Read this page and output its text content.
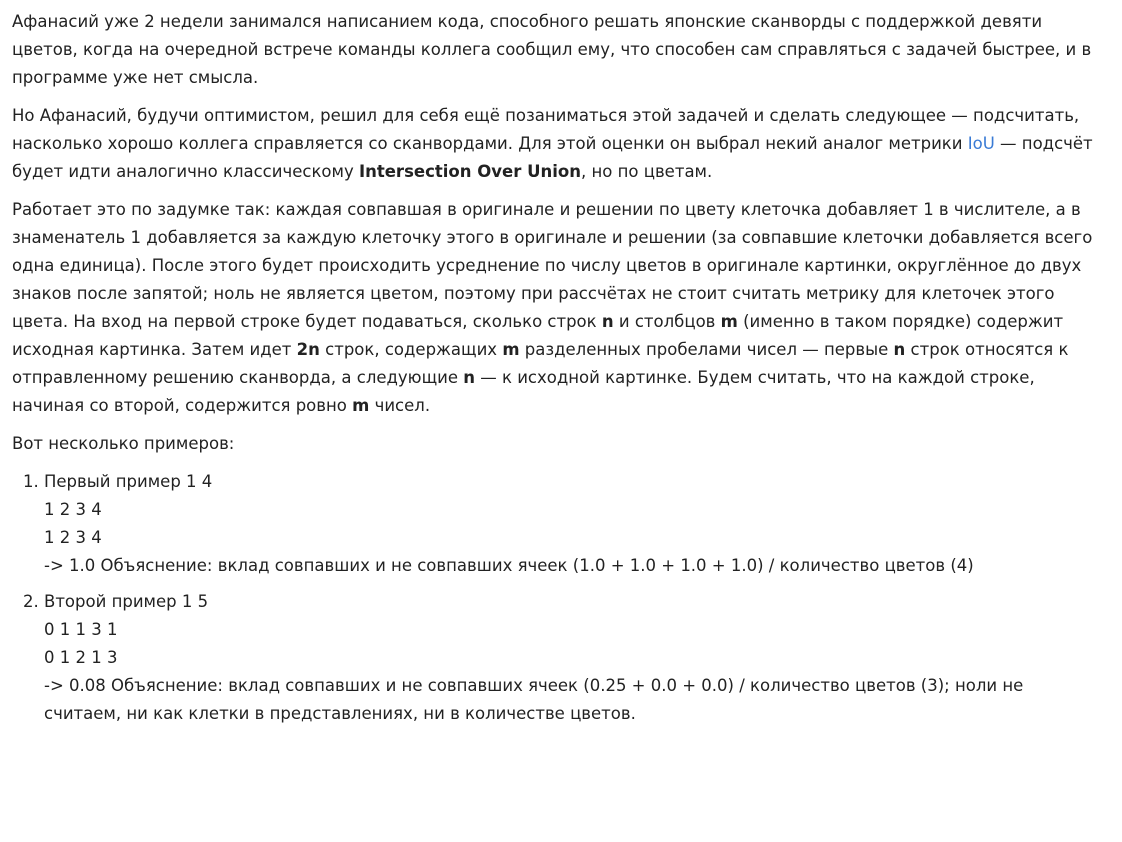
Афанасий уже 2 недели занимался написанием кода, способного решать японские сканворды с поддержкой девяти цветов, когда на очередной встрече команды коллега сообщил ему, что способен сам справляться с задачей быстрее, и в программе уже нет смысла.

Но Афанасий, будучи оптимистом, решил для себя ещё позаниматься этой задачей и сделать следующее — подсчитать, насколько хорошо коллега справляется со сканвордами. Для этой оценки он выбрал некий аналог метрики IoU — подсчёт будет идти аналогично классическому Intersection Over Union, но по цветам.

Работает это по задумке так: каждая совпавшая в оригинале и решении по цвету клеточка добавляет 1 в числителе, а в знаменатель 1 добавляется за каждую клеточку этого в оригинале и решении (за совпавшие клеточки добавляется всего одна единица). После этого будет происходить усреднение по числу цветов в оригинале картинки, округлённое до двух знаков после запятой; ноль не является цветом, поэтому при рассчётах не стоит считать метрику для клеточек этого цвета. На вход на первой строке будет подаваться, сколько строк n и столбцов m (именно в таком порядке) содержит исходная картинка. Затем идет 2n строк, содержащих m разделенных пробелами чисел — первые n строк относятся к отправленному решению сканворда, а следующие n — к исходной картинке. Будем считать, что на каждой строке, начиная со второй, содержится ровно m чисел.

Вот несколько примеров:

1. Первый пример 1 4
1 2 3 4
1 2 3 4
-> 1.0 Объяснение: вклад совпавших и не совпавших ячеек (1.0 + 1.0 + 1.0 + 1.0) / количество цветов (4)
2. Второй пример 1 5
0 1 1 3 1
0 1 2 1 3
-> 0.08 Объяснение: вклад совпавших и не совпавших ячеек (0.25 + 0.0 + 0.0) / количество цветов (3); ноли не считаем, ни как клетки в представлениях, ни в количестве цветов.
